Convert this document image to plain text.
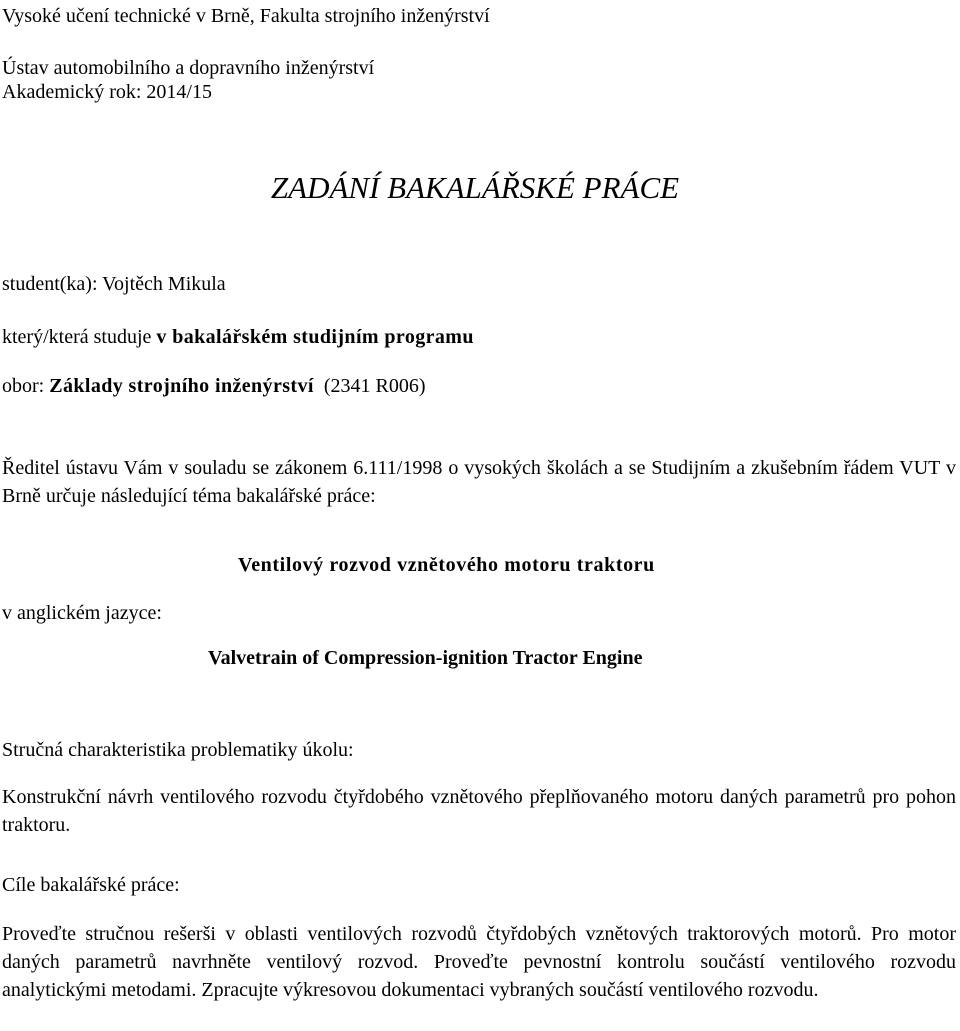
Vysoké učení technické v Brně, Fakulta strojního inženýrství
Ústav automobilního a dopravního inženýrství
Akademický rok: 2014/15
ZADÁNÍ BAKALÁŘSKÉ PRÁCE
student(ka): Vojtěch Mikula
který/která studuje v bakalářském studijním programu
obor: Základy strojního inženýrství (2341 R006)
Ředitel ústavu Vám v souladu se zákonem 6.111/1998 o vysokých školách a se Studijním a zkušebním řádem VUT v Brně určuje následující téma bakalářské práce:
Ventilový rozvod vznětového motoru traktoru
v anglickém jazyce:
Valvetrain of Compression-ignition Tractor Engine
Stručná charakteristika problematiky úkolu:
Konstrukční návrh ventilového rozvodu čtyřdobého vznětového přeplňovaného motoru daných parametrů pro pohon traktoru.
Cíle bakalářské práce:
Proveďte stručnou rešerši v oblasti ventilových rozvodů čtyřdobých vznětových traktorových motorů. Pro motor daných parametrů navrhněte ventilový rozvod. Proveďte pevnostní kontrolu součástí ventilového rozvodu analytickými metodami. Zpracujte výkresovou dokumentaci vybraných součástí ventilového rozvodu.
